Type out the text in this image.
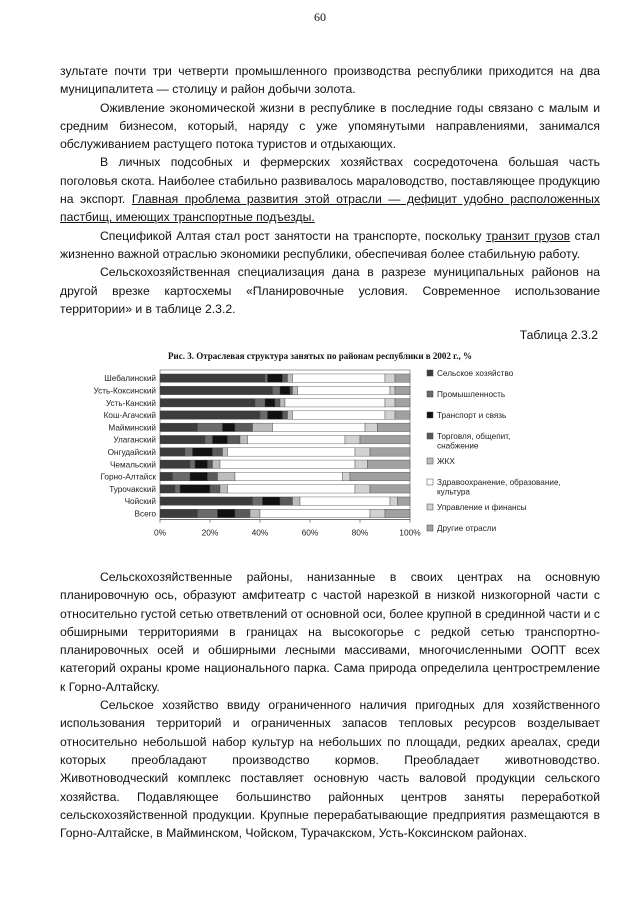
60

зультате почти три четверти промышленного производства республики приходится на два муниципалитета — столицу и район добычи золота.

Оживление экономической жизни в республике в последние годы связано с малым и средним бизнесом, который, наряду с уже упомянутыми направлениями, занимался обслуживанием растущего потока туристов и отдыхающих.

В личных подсобных и фермерских хозяйствах сосредоточена большая часть поголовья скота. Наиболее стабильно развивалось мараловодство, поставляющее продукцию на экспорт. Главная проблема развития этой отрасли — дефицит удобно расположенных пастбищ, имеющих транспортные подъезды.

Спецификой Алтая стал рост занятости на транспорте, поскольку транзит грузов стал жизненно важной отраслью экономики республики, обеспечивая более стабильную работу.

Сельскохозяйственная специализация дана в разрезе муниципальных районов на другой врезке картосхемы «Планировочные условия. Современное использование территории» и в таблице 2.3.2.

Таблица 2.3.2
Рис. 3. Отраслевая структура занятых по районам республики в 2002 г., %
Шебалинский
Усть-Коксинский
Усть-Канский
Кош-Агачский
Майминский
Улаганский
Онгудайский
Чемальский
Горно-Алтайск
Турочакский
Чойский
Всего
0%	20%	40%	60%	80%	100%
Сельское хозяйство
Промышленность
Транспорт и связь
Торговля, общепит,
снабжение
ЖКХ
Здравоохранение, образование,
культура
Управление и финансы
Другие отрасли

Сельскохозяйственные районы, нанизанные в своих центрах на основную планировочную ось, образуют амфитеатр с частой нарезкой в низкой низкогорной части с относительно густой сетью ответвлений от основной оси, более крупной в срединной части и с обширными территориями в границах на высокогорье с редкой сетью транспортно-планировочных осей и обширными лесными массивами, многочисленными ООПТ всех категорий охраны кроме национального парка. Сама природа определила центростремление к Горно-Алтайску.

Сельское хозяйство ввиду ограниченного наличия пригодных для хозяйственного использования территорий и ограниченных запасов тепловых ресурсов возделывает относительно небольшой набор культур на небольших по площади, редких ареалах, среди которых преобладают производство кормов. Преобладает животноводство. Животноводческий комплекс поставляет основную часть валовой продукции сельского хозяйства. Подавляющее большинство районных центров заняты переработкой сельскохозяйственной продукции. Крупные перерабатывающие предприятия размещаются в Горно-Алтайске, в Майминском, Чойском, Турачакском, Усть-Коксинском районах.
